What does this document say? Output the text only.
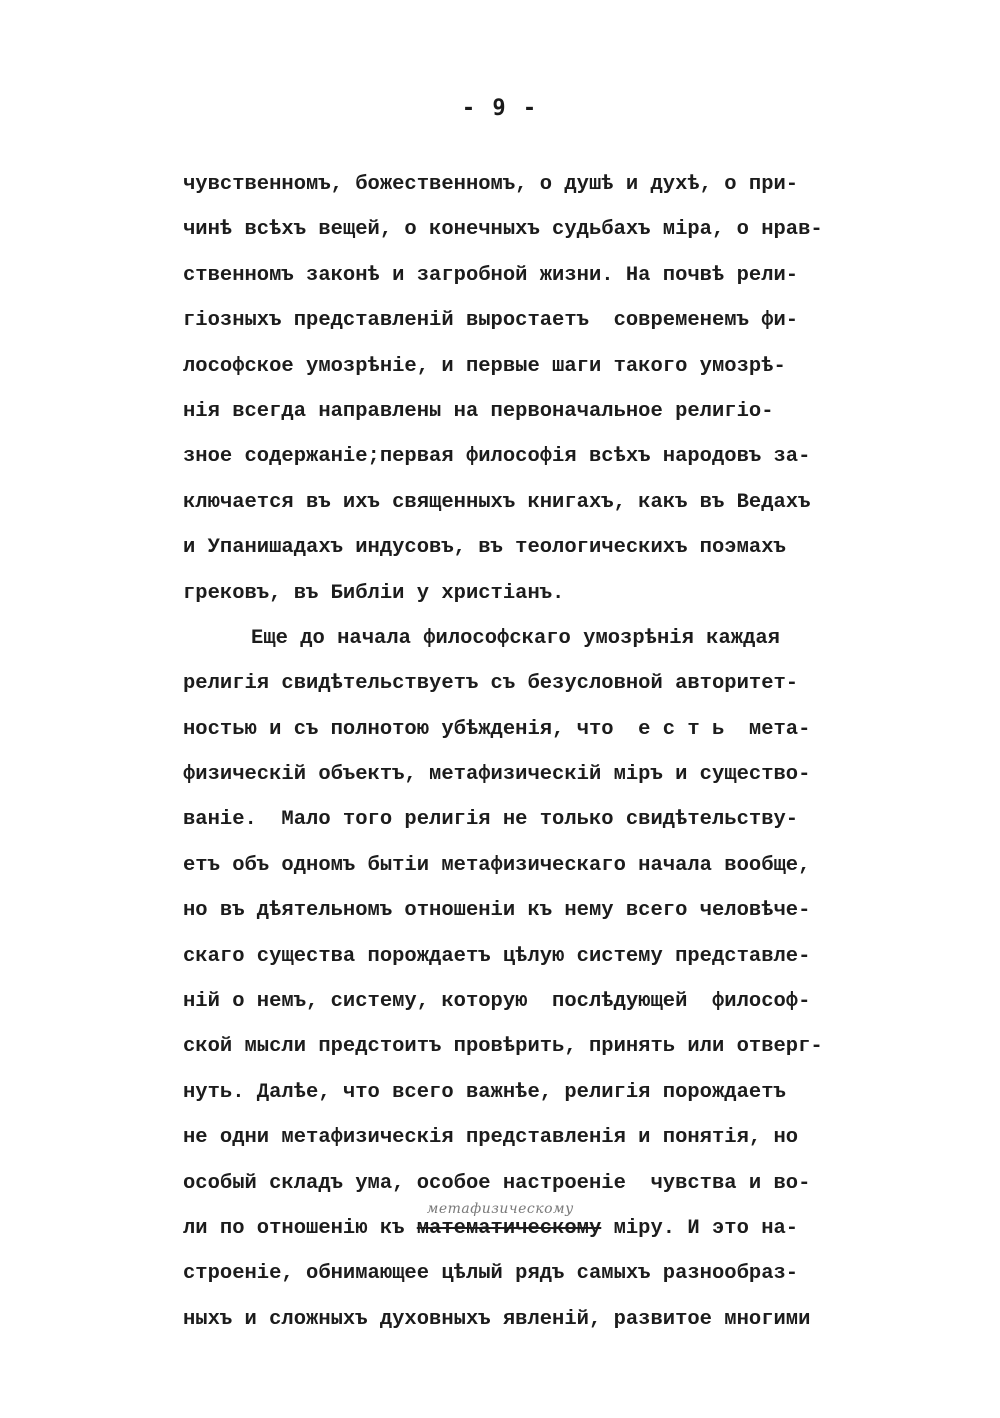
- 9 -
чувственномъ, божественномъ, о душѣ и духѣ, о при-
чинѣ всѣхъ вещей, о конечныхъ судьбахъ міра, о нрав-
ственномъ законѣ и загробной жизни. На почвѣ рели-
гіозныхъ представленій выростаетъ  современемъ фи-
лософское умозрѣніе, и первые шаги такого умозрѣ-
нія всегда направлены на первоначальное религіо-
зное содержаніе;первая философія всѣхъ народовъ за-
ключается въ ихъ священныхъ книгахъ, какъ въ Ведахъ
и Упанишадахъ индусовъ, въ теологическихъ поэмахъ
грековъ, въ Библіи у христіанъ.
Еще до начала философскаго умозрѣнія каждая
религія свидѣтельствуетъ съ безусловной авторитет-
ностью и съ полнотою убѣжденія, что  е с т ь  мета-
физическій объектъ, метафизическій міръ и существо-
ваніе.  Мало того религія не только свидѣтельству-
етъ объ одномъ бытіи метафизическаго начала вообще,
но въ дѣятельномъ отношеніи къ нему всего человѣче-
скаго существа порождаетъ цѣлую систему представле-
ній о немъ, систему, которую  послѣдующей  философ-
ской мысли предстоитъ провѣрить, принять или отверг-
нуть. Далѣе, что всего важнѣе, религія порождаетъ
не одни метафизическія представленія и понятія, но
особый складъ ума, особое настроеніе  чувства и во-
ли по отношенію къ
метафизическому
математическому міру. И это на-
строеніе, обнимающее цѣлый рядъ самыхъ разнообраз-
ныхъ и сложныхъ духовныхъ явленій, развитое многими
